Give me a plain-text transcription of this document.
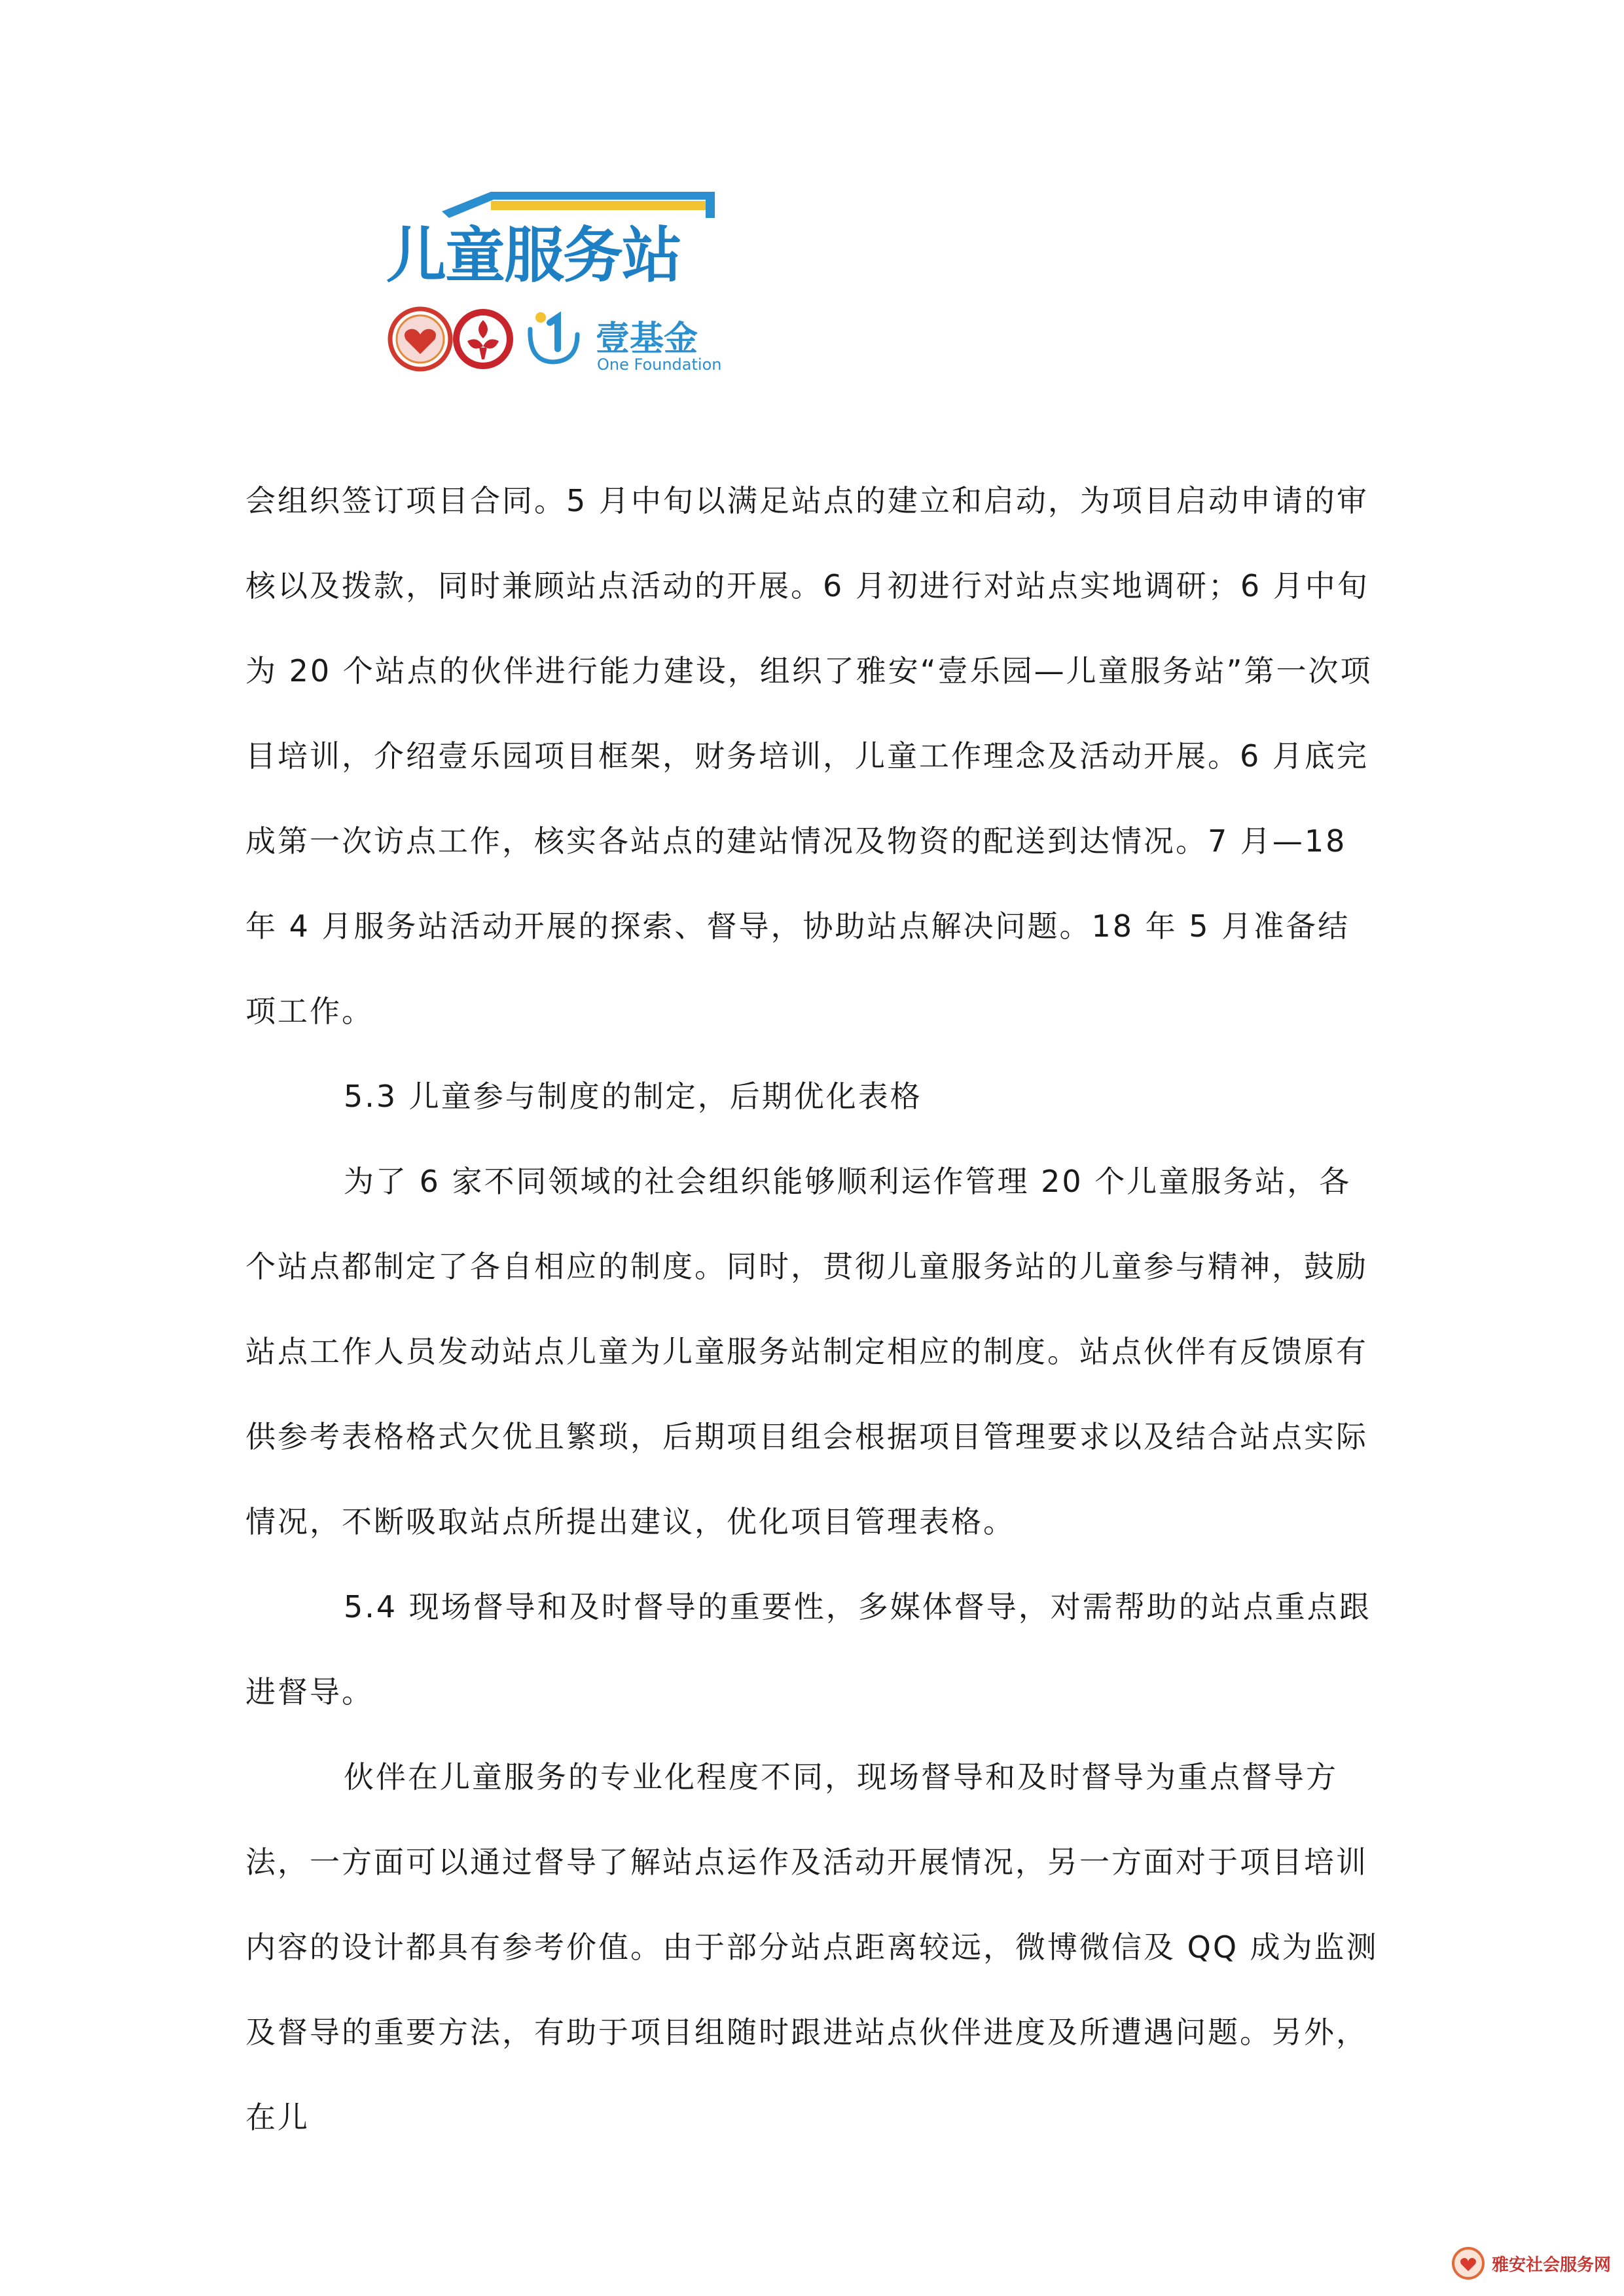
儿童服务站
壹基金
One Foundation

会组织签订项目合同。5 月中旬以满足站点的建立和启动，为项目启动申请的审核以及拨款，同时兼顾站点活动的开展。6 月初进行对站点实地调研；6 月中旬为 20 个站点的伙伴进行能力建设，组织了雅安“壹乐园—儿童服务站”第一次项目培训，介绍壹乐园项目框架，财务培训，儿童工作理念及活动开展。6 月底完成第一次访点工作，核实各站点的建站情况及物资的配送到达情况。7 月—18 年 4 月服务站活动开展的探索、督导，协助站点解决问题。18 年 5 月准备结项工作。

5.3 儿童参与制度的制定，后期优化表格

为了 6 家不同领域的社会组织能够顺利运作管理 20 个儿童服务站，各个站点都制定了各自相应的制度。同时，贯彻儿童服务站的儿童参与精神，鼓励站点工作人员发动站点儿童为儿童服务站制定相应的制度。站点伙伴有反馈原有供参考表格格式欠优且繁琐，后期项目组会根据项目管理要求以及结合站点实际情况，不断吸取站点所提出建议，优化项目管理表格。

5.4 现场督导和及时督导的重要性，多媒体督导，对需帮助的站点重点跟进督导。

伙伴在儿童服务的专业化程度不同，现场督导和及时督导为重点督导方法，一方面可以通过督导了解站点运作及活动开展情况，另一方面对于项目培训内容的设计都具有参考价值。由于部分站点距离较远，微博微信及 QQ 成为监测及督导的重要方法，有助于项目组随时跟进站点伙伴进度及所遭遇问题。另外，在儿

雅安社会服务网
